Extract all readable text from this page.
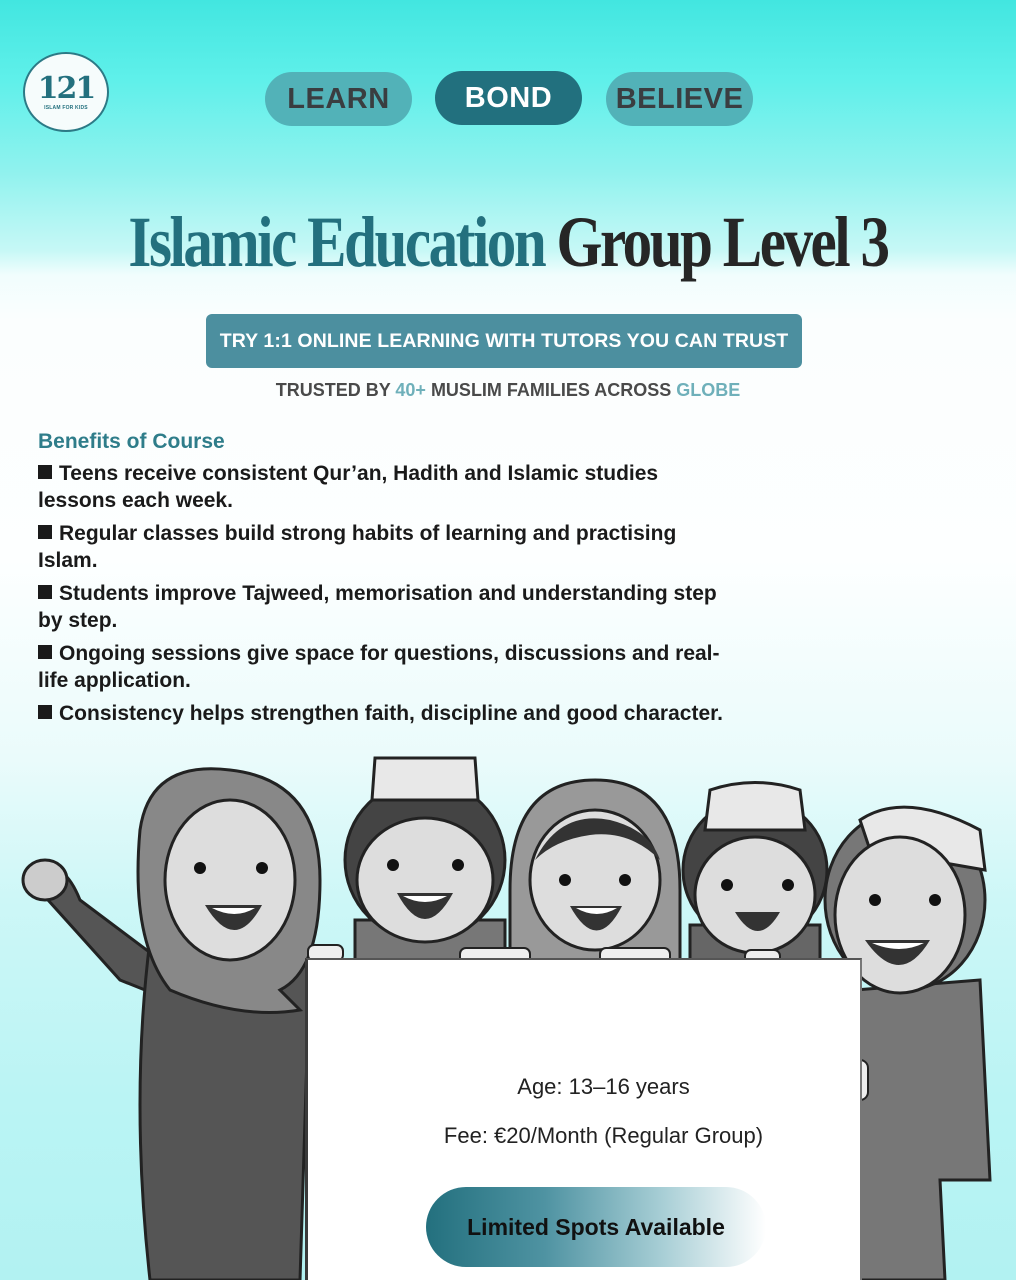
121
ISLAM FOR KIDS	LEARN	BOND	BELIEVE
Islamic Education Group Level 3
TRY 1:1 ONLINE LEARNING WITH TUTORS YOU CAN TRUST
TRUSTED BY 40+ MUSLIM FAMILIES ACROSS GLOBE
Benefits of Course
Teens receive consistent Qur’an, Hadith and Islamic studies lessons each week.
Regular classes build strong habits of learning and practising Islam.
Students improve Tajweed, memorisation and understanding step by step.
Ongoing sessions give space for questions, discussions and real-life application.
Consistency helps strengthen faith, discipline and good character.
Age: 13–16 years
Fee: €20/Month (Regular Group)
Limited Spots Available
